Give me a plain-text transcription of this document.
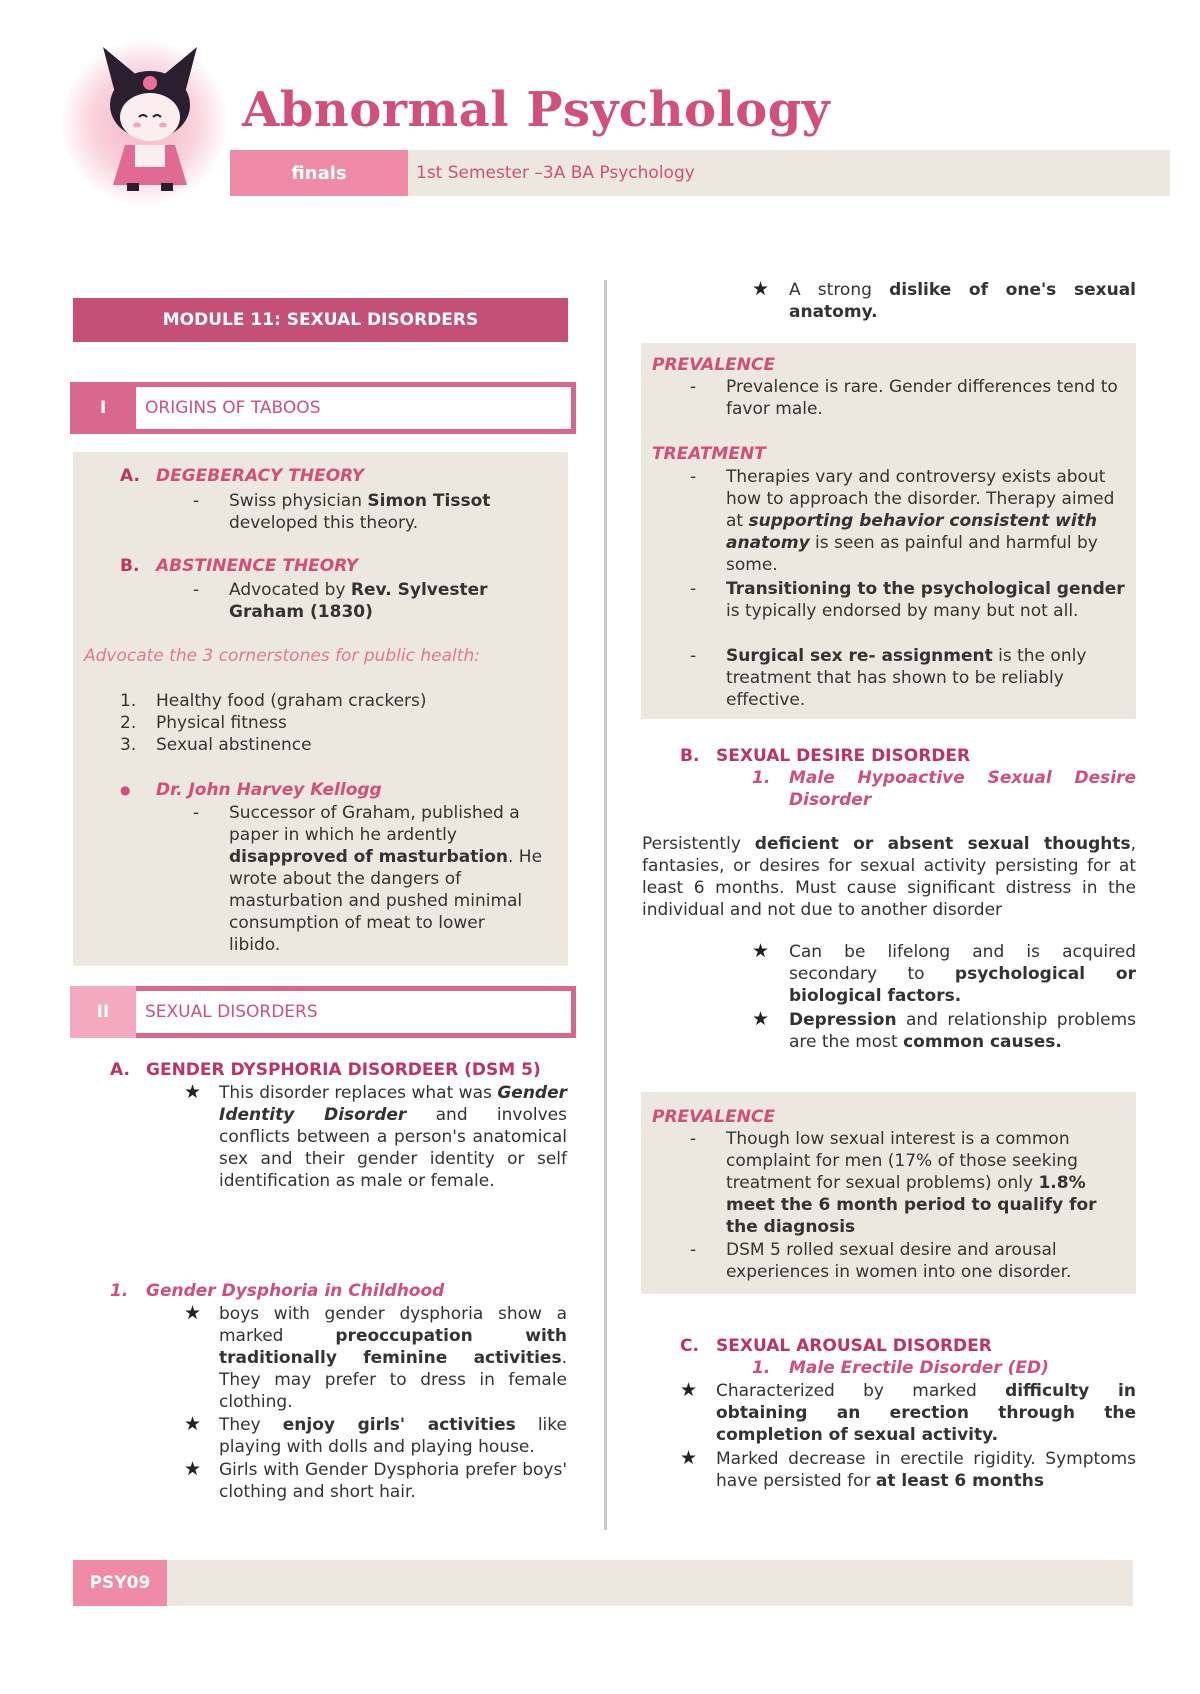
Abnormal Psychology
finals	1st Semester –3A BA Psychology
MODULE 11: SEXUAL DISORDERS
I	ORIGINS OF TABOOS
A. DEGEBERACY THEORY
- Swiss physician Simon Tissot
developed this theory.
B. ABSTINENCE THEORY
- Advocated by Rev. Sylvester
Graham (1830)
Advocate the 3 cornerstones for public health:
1. Healthy food (graham crackers)
2. Physical fitness
3. Sexual abstinence
● Dr. John Harvey Kellogg
- Successor of Graham, published a
paper in which he ardently
disapproved of masturbation. He
wrote about the dangers of
masturbation and pushed minimal
consumption of meat to lower
libido.
II	SEXUAL DISORDERS
A. GENDER DYSPHORIA DISORDEER (DSM 5)
★ This disorder replaces what was Gender Identity Disorder and involves conflicts between a person's anatomical sex and their gender identity or self identification as male or female.
1. Gender Dysphoria in Childhood
★ boys with gender dysphoria show a marked preoccupation with traditionally feminine activities. They may prefer to dress in female clothing.
★ They enjoy girls' activities like playing with dolls and playing house.
★ Girls with Gender Dysphoria prefer boys' clothing and short hair.
★ A strong dislike of one's sexual anatomy.
PREVALENCE
- Prevalence is rare. Gender differences tend to favor male.
TREATMENT
- Therapies vary and controversy exists about how to approach the disorder. Therapy aimed at supporting behavior consistent with anatomy is seen as painful and harmful by some.
- Transitioning to the psychological gender is typically endorsed by many but not all.
- Surgical sex re- assignment is the only treatment that has shown to be reliably effective.
B. SEXUAL DESIRE DISORDER
1. Male Hypoactive Sexual Desire Disorder
Persistently deficient or absent sexual thoughts, fantasies, or desires for sexual activity persisting for at least 6 months. Must cause significant distress in the individual and not due to another disorder
★ Can be lifelong and is acquired secondary to psychological or biological factors.
★ Depression and relationship problems are the most common causes.
PREVALENCE
- Though low sexual interest is a common complaint for men (17% of those seeking treatment for sexual problems) only 1.8% meet the 6 month period to qualify for the diagnosis
- DSM 5 rolled sexual desire and arousal experiences in women into one disorder.
C. SEXUAL AROUSAL DISORDER
1. Male Erectile Disorder (ED)
★ Characterized by marked difficulty in obtaining an erection through the completion of sexual activity.
★ Marked decrease in erectile rigidity. Symptoms have persisted for at least 6 months
PSY09
